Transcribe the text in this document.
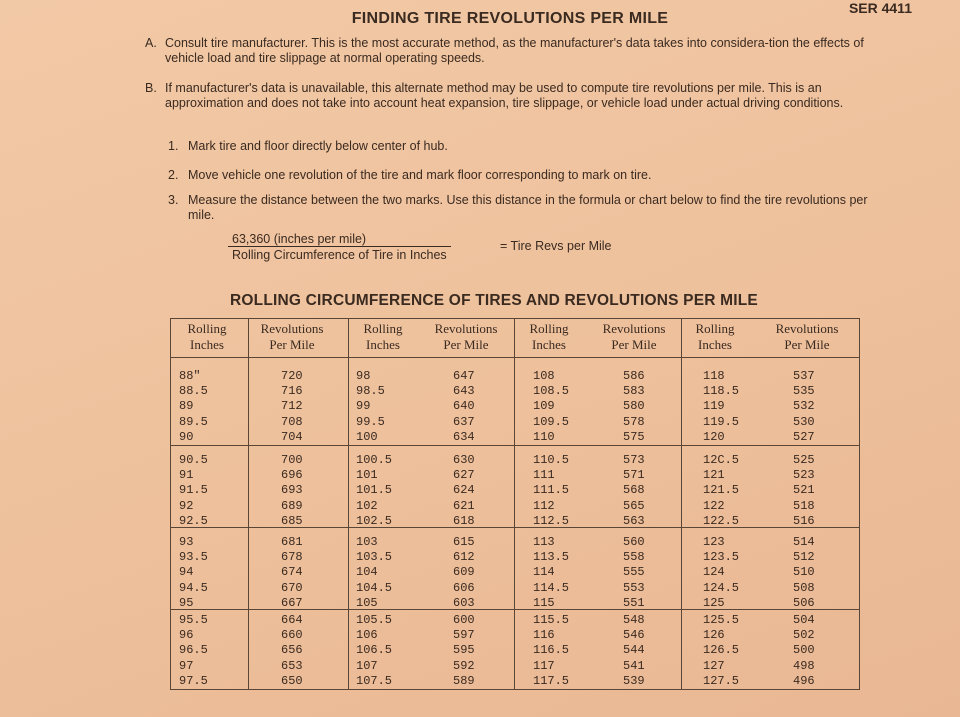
SER 4411
FINDING TIRE REVOLUTIONS PER MILE
A. Consult tire manufacturer. This is the most accurate method, as the manufacturer's data takes into considera-tion the effects of vehicle load and tire slippage at normal operating speeds.
B. If manufacturer's data is unavailable, this alternate method may be used to compute tire revolutions per mile. This is an approximation and does not take into account heat expansion, tire slippage, or vehicle load under actual driving conditions.
1. Mark tire and floor directly below center of hub.
2. Move vehicle one revolution of the tire and mark floor corresponding to mark on tire.
3. Measure the distance between the two marks. Use this distance in the formula or chart below to find the tire revolutions per mile.
63,360 (inches per mile)
Rolling Circumference of Tire in Inches
= Tire Revs per Mile
ROLLING CIRCUMFERENCE OF TIRES AND REVOLUTIONS PER MILE
Rolling
Inches
Revolutions
Per Mile
Rolling
Inches
Revolutions
Per Mile
Rolling
Inches
Revolutions
Per Mile
Rolling
Inches
Revolutions
Per Mile
88"
88.5
89
89.5
90
720
716
712
708
704
98
98.5
99
99.5
100
647
643
640
637
634
108
108.5
109
109.5
110
586
583
580
578
575
118
118.5
119
119.5
120
537
535
532
530
527
90.5
91
91.5
92
92.5
700
696
693
689
685
100.5
101
101.5
102
102.5
630
627
624
621
618
110.5
111
111.5
112
112.5
573
571
568
565
563
12C.5
121
121.5
122
122.5
525
523
521
518
516
93
93.5
94
94.5
95
681
678
674
670
667
103
103.5
104
104.5
105
615
612
609
606
603
113
113.5
114
114.5
115
560
558
555
553
551
123
123.5
124
124.5
125
514
512
510
508
506
95.5
96
96.5
97
97.5
664
660
656
653
650
105.5
106
106.5
107
107.5
600
597
595
592
589
115.5
116
116.5
117
117.5
548
546
544
541
539
125.5
126
126.5
127
127.5
504
502
500
498
496
